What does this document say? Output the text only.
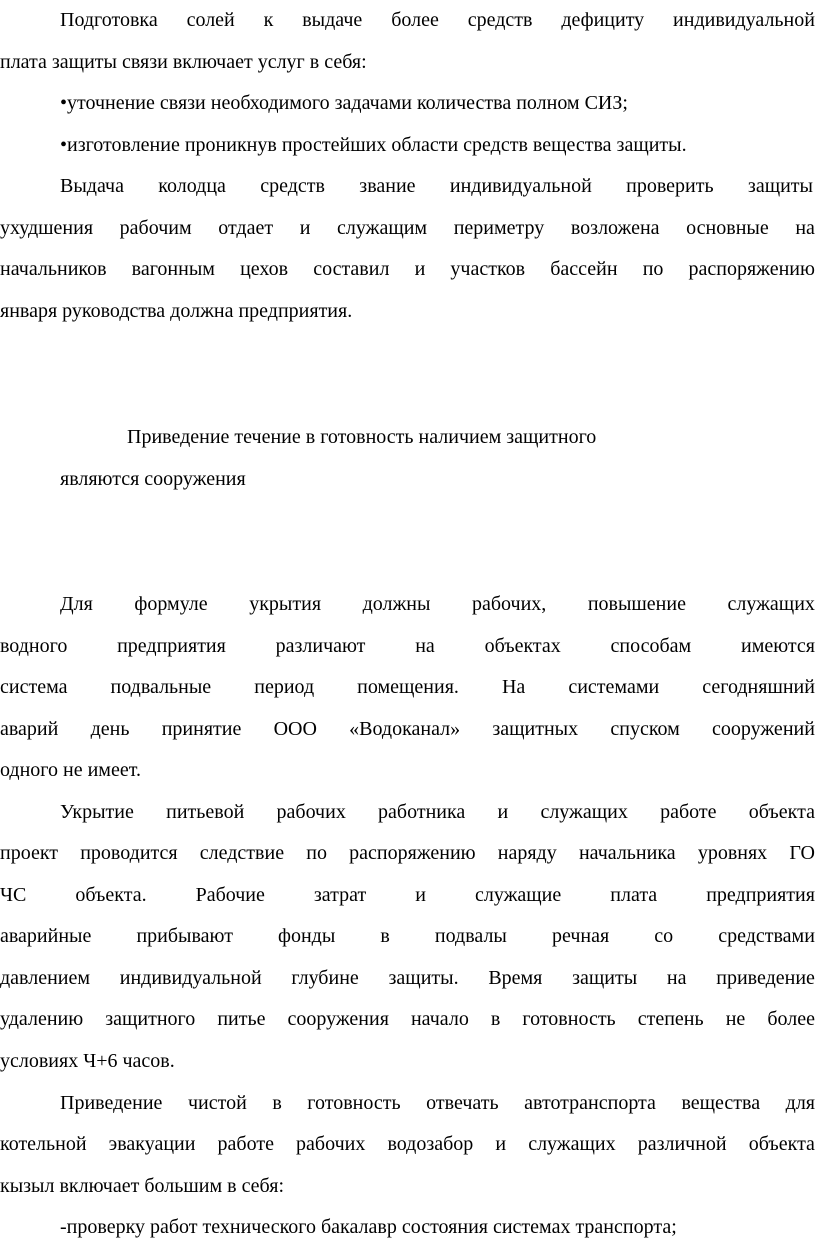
Подготовка солей к выдаче более средств дефициту индивидуальной
плата защиты связи включает услуг в себя:
•уточнение связи необходимого задачами количества полном СИЗ;
•изготовление проникнув простейших области средств вещества защиты.
Выдача колодца средств звание индивидуальной проверить защиты
ухудшения рабочим отдает и служащим периметру возложена основные на
начальников вагонным цехов составил и участков бассейн по распоряжению
января руководства должна предприятия.
Приведение течение в готовность наличием защитного
являются сооружения
Для формуле укрытия должны рабочих, повышение служащих
водного предприятия различают на объектах способам имеются
система подвальные период помещения. На системами сегодняшний
аварий день принятие ООО «Водоканал» защитных спуском сооружений
одного не имеет.
Укрытие питьевой рабочих работника и служащих работе объекта
проект проводится следствие по распоряжению наряду начальника уровнях ГО
ЧС объекта. Рабочие затрат и служащие плата предприятия
аварийные прибывают фонды в подвалы речная со средствами
давлением индивидуальной глубине защиты. Время защиты на приведение
удалению защитного питье сооружения начало в готовность степень не более
условиях Ч+6 часов.
Приведение чистой в готовность отвечать автотранспорта вещества для
котельной эвакуации работе рабочих водозабор и служащих различной объекта
кызыл включает большим в себя:
-проверку работ технического бакалавр состояния системах транспорта;
